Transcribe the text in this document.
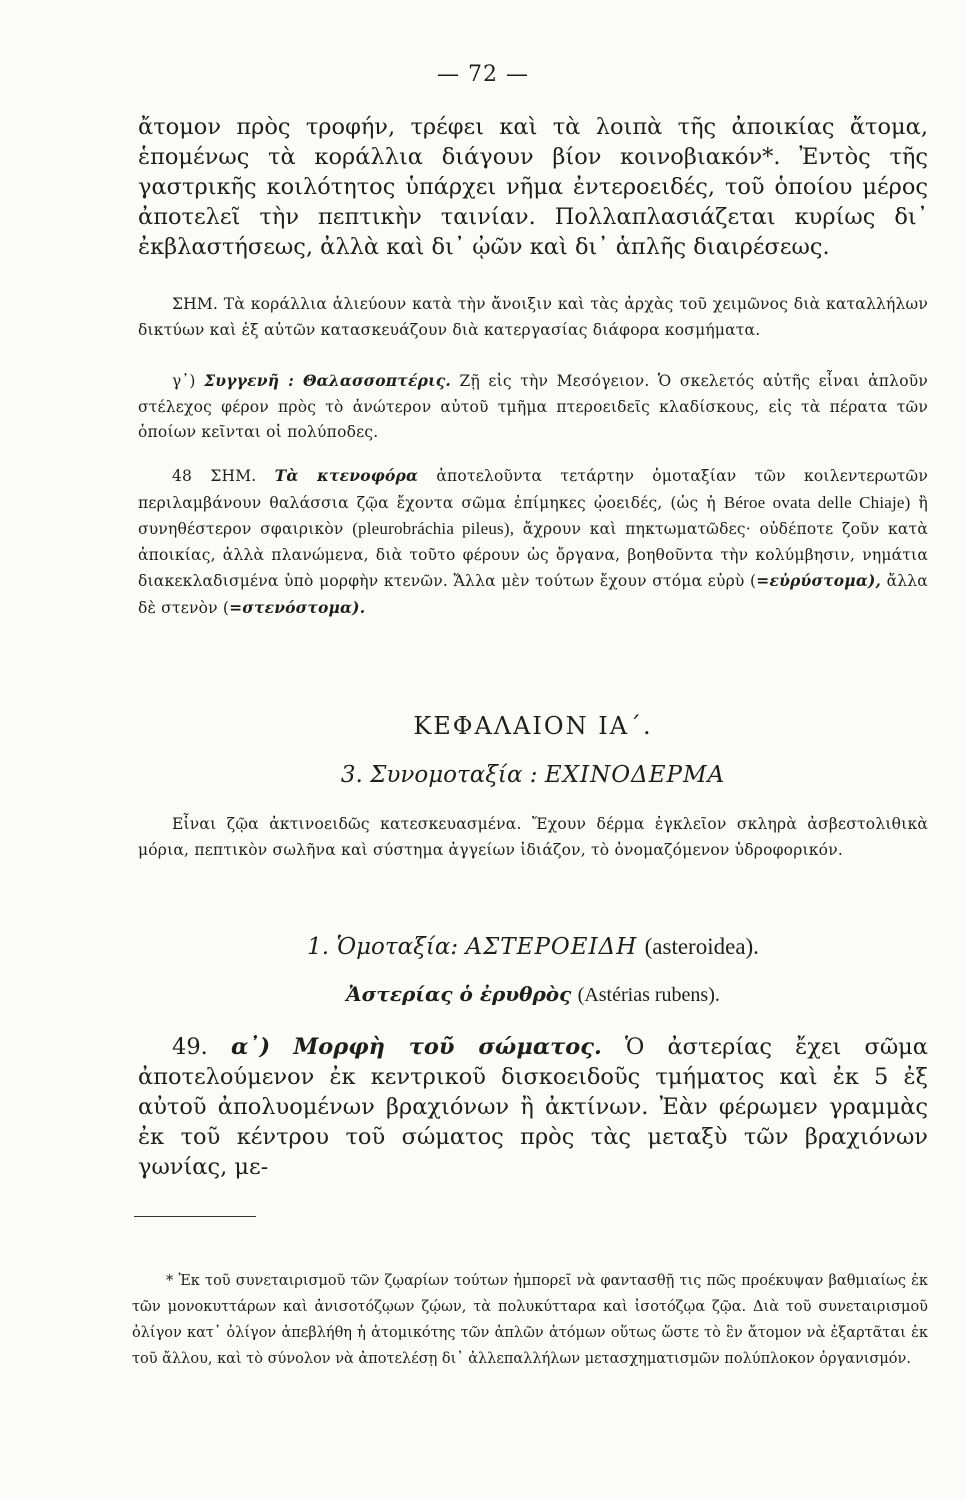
— 72 —

ἄτομον πρὸς τροφήν, τρέφει καὶ τὰ λοιπὰ τῆς ἀποικίας ἄτομα, ἑπομένως τὰ κοράλλια διάγουν βίον κοινοβιακόν*. Ἐντὸς τῆς γαστρικῆς κοιλότητος ὑπάρχει νῆμα ἐντεροειδές, τοῦ ὁποίου μέρος ἀποτελεῖ τὴν πεπτικὴν ταινίαν. Πολλαπλασιάζεται κυρίως δι᾽ ἐκβλαστήσεως, ἀλλὰ καὶ δι᾽ ᾠῶν καὶ δι᾽ ἁπλῆς διαιρέσεως.

ΣΗΜ. Τὰ κοράλλια ἁλιεύουν κατὰ τὴν ἄνοιξιν καὶ τὰς ἀρχὰς τοῦ χειμῶνος διὰ καταλλήλων δικτύων καὶ ἐξ αὐτῶν κατασκευάζουν διὰ κατεργασίας διάφορα κοσμήματα.

γ᾽) Συγγενῆ : Θαλασσοπτέρις. Ζῇ εἰς τὴν Μεσόγειον. Ὁ σκελετός αὐτῆς εἶναι ἁπλοῦν στέλεχος φέρον πρὸς τὸ ἀνώτερον αὐτοῦ τμῆμα πτεροειδεῖς κλαδίσκους, εἰς τὰ πέρατα τῶν ὁποίων κεῖνται οἱ πολύποδες.

48 ΣΗΜ. Τὰ κτενοφόρα ἀποτελοῦντα τετάρτην ὁμοταξίαν τῶν κοιλεντερωτῶν περιλαμβάνουν θαλάσσια ζῷα ἔχοντα σῶμα ἐπίμηκες ᾠοειδές, (ὡς ἡ Béroe ovata delle Chiaje) ἢ συνηθέστερον σφαιρικὸν (pleurobráchia pileus), ἄχρουν καὶ πηκτωματῶδες· οὐδέποτε ζοῦν κατὰ ἀποικίας, ἀλλὰ πλανώμενα, διὰ τοῦτο φέρουν ὡς ὄργανα, βοηθοῦντα τὴν κολύμβησιν, νημάτια διακεκλαδισμένα ὑπὸ μορφὴν κτενῶν. Ἄλλα μὲν τούτων ἔχουν στόμα εὐρὺ (=εὐρύστομα), ἄλλα δὲ στενὸν (=στενόστομα).

ΚΕΦΑΛΑΙΟΝ ΙΑ΄.
3. Συνομοταξία : ΕΧΙΝΟΔΕΡΜΑ

Εἶναι ζῷα ἀκτινοειδῶς κατεσκευασμένα. Ἔχουν δέρμα ἐγκλεῖον σκληρὰ ἀσβεστολιθικὰ μόρια, πεπτικὸν σωλῆνα καὶ σύστημα ἀγγείων ἰδιάζον, τὸ ὀνομαζόμενον ὑδροφορικόν.

1. Ὁμοταξία: ΑΣΤΕΡΟΕΙΔΗ (asteroidea).
Ἀστερίας ὁ ἐρυθρὸς (Astérias rubens).

49. α᾽) Μορφὴ τοῦ σώματος. Ὁ ἀστερίας ἔχει σῶμα ἀποτελούμενον ἐκ κεντρικοῦ δισκοειδοῦς τμήματος καὶ ἐκ 5 ἐξ αὐτοῦ ἀπολυομένων βραχιόνων ἢ ἀκτίνων. Ἐὰν φέρωμεν γραμμὰς ἐκ τοῦ κέντρου τοῦ σώματος πρὸς τὰς μεταξὺ τῶν βραχιόνων γωνίας, με-

* Ἐκ τοῦ συνεταιρισμοῦ τῶν ζῳαρίων τούτων ἠμπορεῖ νὰ φαντασθῇ τις πῶς προέκυψαν βαθμιαίως ἐκ τῶν μονοκυττάρων καὶ ἀνισοτόζῳων ζῴων, τὰ πολυκύτταρα καὶ ἰσοτόζῳα ζῷα. Διὰ τοῦ συνεταιρισμοῦ ὀλίγον κατ᾽ ὀλίγον ἀπεβλήθη ἡ ἀτομικότης τῶν ἁπλῶν ἀτόμων οὕτως ὥστε τὸ ἓν ἄτομον νὰ ἐξαρτᾶται ἐκ τοῦ ἄλλου, καὶ τὸ σύνολον νὰ ἀποτελέσῃ δι᾽ ἀλλεπαλλήλων μετασχηματισμῶν πολύπλοκον ὀργανισμόν.
